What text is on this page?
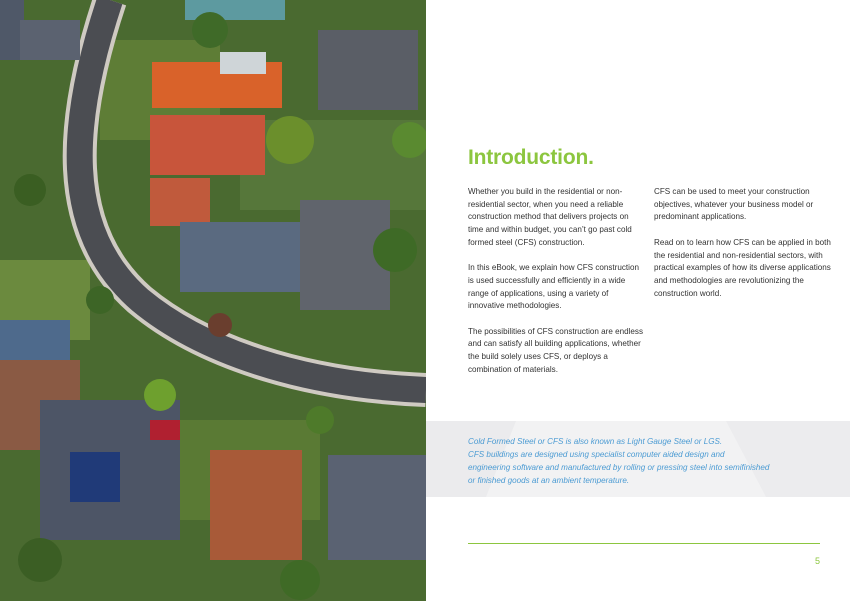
Introduction.

Whether you build in the residential or non-residential sector, when you need a reliable construction method that delivers projects on time and within budget, you can’t go past cold formed steel (CFS) construction.

In this eBook, we explain how CFS construction is used successfully and efficiently in a wide range of applications, using a variety of innovative methodologies.

The possibilities of CFS construction are endless and can satisfy all building applications, whether the build solely uses CFS, or deploys a combination of materials.

CFS can be used to meet your construction objectives, whatever your business model or predominant applications.

Read on to learn how CFS can be applied in both the residential and non-residential sectors, with practical examples of how its diverse applications and methodologies are revolutionizing the construction world.

Cold Formed Steel or CFS is also known as Light Gauge Steel or LGS.
CFS buildings are designed using specialist computer aided design and
engineering software and manufactured by rolling or pressing steel into semifinished
or finished goods at an ambient temperature.
5
